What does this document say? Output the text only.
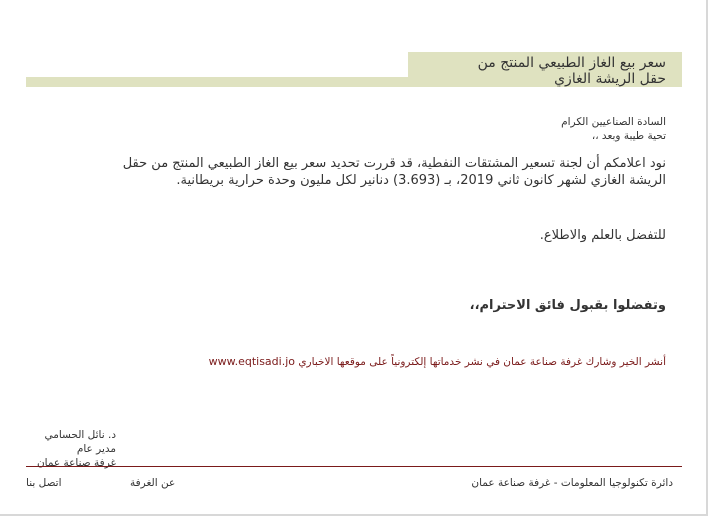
سعر بيع الغاز الطبيعي المنتج من
حقل الريشة الغازي
السادة الصناعيين الكرام
تحية طيبة وبعد ،،
نود اعلامكم أن لجنة تسعير المشتقات النفطية، قد قررت تحديد سعر بيع الغاز الطبيعي المنتج من حقل
الريشة الغازي لشهر كانون ثاني 2019، بـ (3.693) دنانير لكل مليون وحدة حرارية بريطانية.
للتفضل بالعلم والاطلاع.
وتفضلوا بقبول فائق الاحترام،،
أنشر الخير وشارك غرفة صناعة عمان في نشر خدماتها إلكترونياً على موقعها الاخباري www.eqtisadi.jo
د. نائل الحسامي
مدير عام
غرفة صناعة عمان
اتصل بنا	عن الغرفة	دائرة تكنولوجيا المعلومات - غرفة صناعة عمان
